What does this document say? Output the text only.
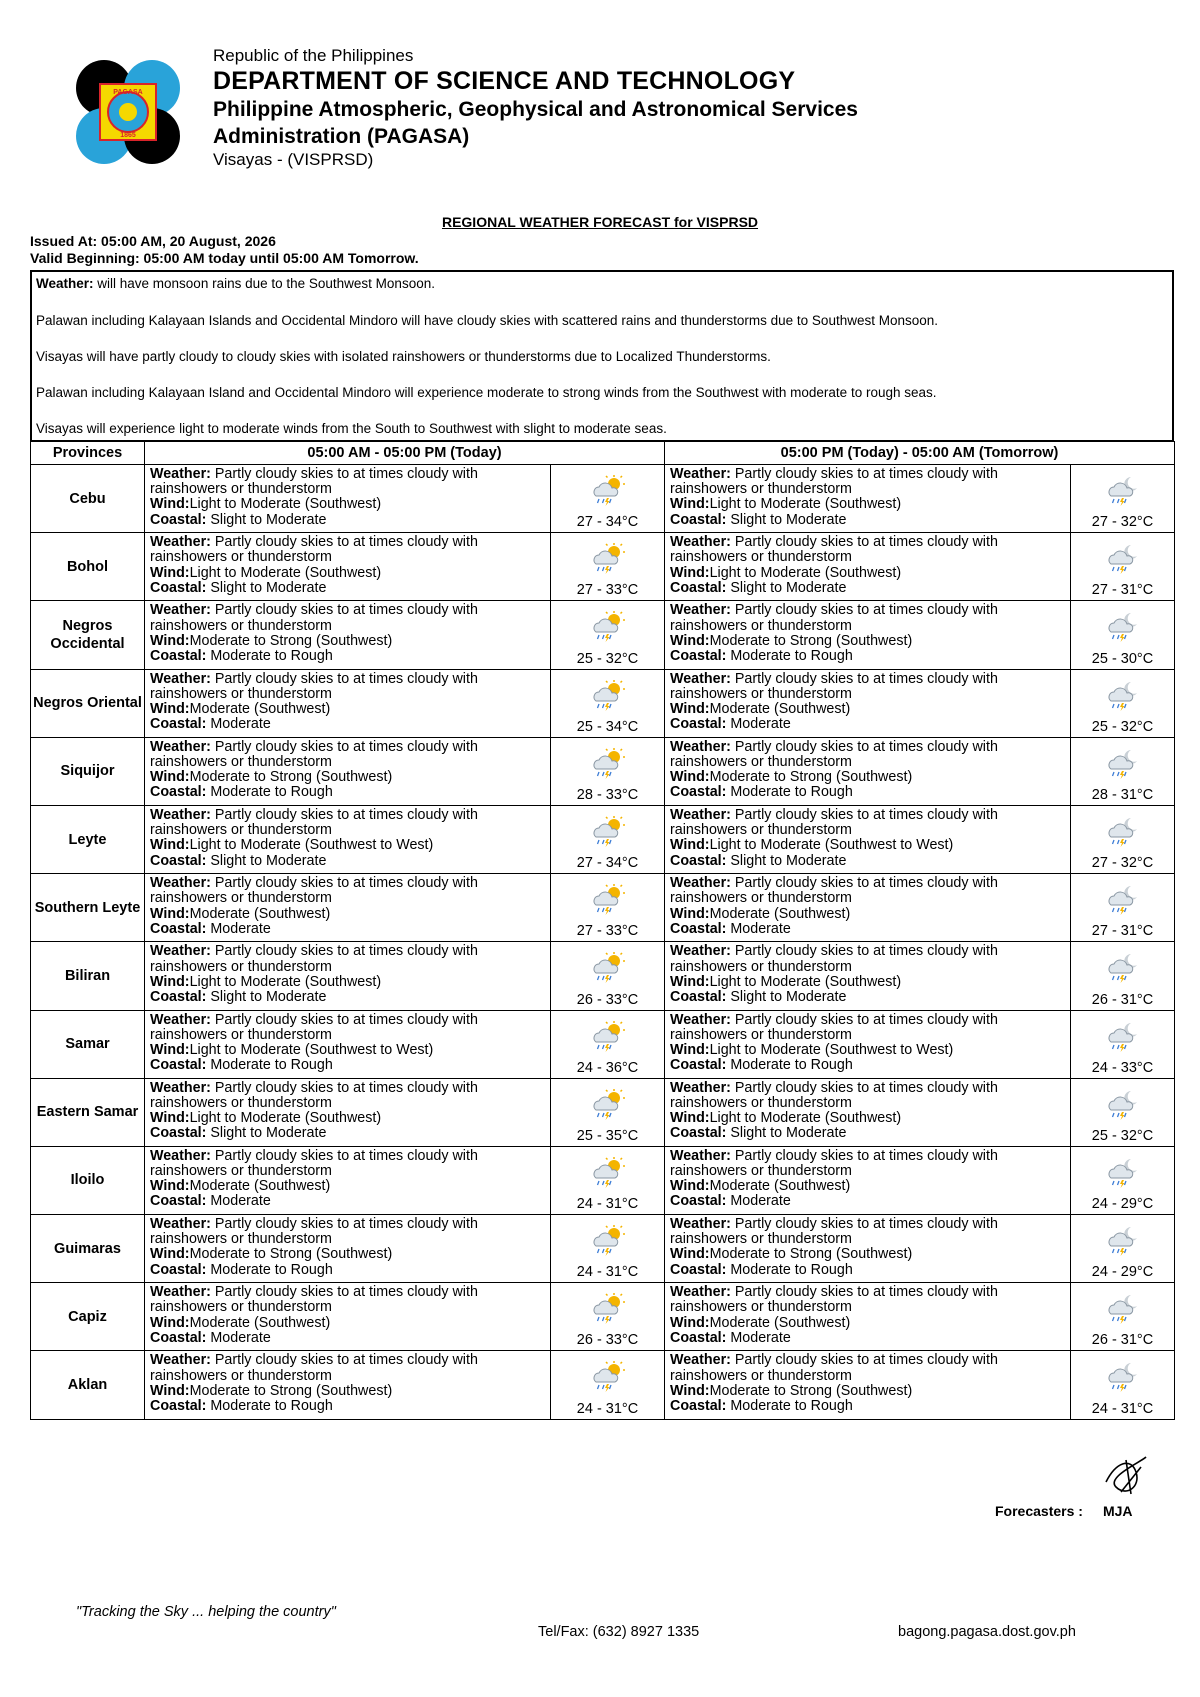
PAGASA
1865
Republic of the Philippines
DEPARTMENT OF SCIENCE AND TECHNOLOGY
Philippine Atmospheric, Geophysical and Astronomical Services
Administration (PAGASA)
Visayas - (VISPRSD)
REGIONAL WEATHER FORECAST for VISPRSD
Issued At: 05:00 AM, 20 August, 2026
Valid Beginning: 05:00 AM today until 05:00 AM Tomorrow.

Weather: will have monsoon rains due to the Southwest Monsoon.

Palawan including Kalayaan Islands and Occidental Mindoro will have cloudy skies with scattered rains and thunderstorms due to Southwest Monsoon.

Visayas will have partly cloudy to cloudy skies with isolated rainshowers or thunderstorms due to Localized Thunderstorms.

Palawan including Kalayaan Island and Occidental Mindoro will experience moderate to strong winds from the Southwest with moderate to rough seas.

Visayas will experience light to moderate winds from the South to Southwest with slight to moderate seas.

Provinces	05:00 AM - 05:00 PM (Today)		05:00 PM (Today) - 05:00 AM (Tomorrow)	
Cebu	Weather: Partly cloudy skies to at times cloudy with rainshowers or thunderstorm
Wind:Light to Moderate (Southwest)
Coastal: Slight to Moderate	27 - 34°C	Weather: Partly cloudy skies to at times cloudy with rainshowers or thunderstorm
Wind:Light to Moderate (Southwest)
Coastal: Slight to Moderate	27 - 32°C

Bohol	Weather: Partly cloudy skies to at times cloudy with rainshowers or thunderstorm
Wind:Light to Moderate (Southwest)
Coastal: Slight to Moderate	27 - 33°C	Weather: Partly cloudy skies to at times cloudy with rainshowers or thunderstorm
Wind:Light to Moderate (Southwest)
Coastal: Slight to Moderate	27 - 31°C

Negros Occidental	Weather: Partly cloudy skies to at times cloudy with rainshowers or thunderstorm
Wind:Moderate to Strong (Southwest)
Coastal: Moderate to Rough	25 - 32°C	Weather: Partly cloudy skies to at times cloudy with rainshowers or thunderstorm
Wind:Moderate to Strong (Southwest)
Coastal: Moderate to Rough	25 - 30°C

Negros Oriental	Weather: Partly cloudy skies to at times cloudy with rainshowers or thunderstorm
Wind:Moderate (Southwest)
Coastal: Moderate	25 - 34°C	Weather: Partly cloudy skies to at times cloudy with rainshowers or thunderstorm
Wind:Moderate (Southwest)
Coastal: Moderate	25 - 32°C

Siquijor	Weather: Partly cloudy skies to at times cloudy with rainshowers or thunderstorm
Wind:Moderate to Strong (Southwest)
Coastal: Moderate to Rough	28 - 33°C	Weather: Partly cloudy skies to at times cloudy with rainshowers or thunderstorm
Wind:Moderate to Strong (Southwest)
Coastal: Moderate to Rough	28 - 31°C

Leyte	Weather: Partly cloudy skies to at times cloudy with rainshowers or thunderstorm
Wind:Light to Moderate (Southwest to West)
Coastal: Slight to Moderate	27 - 34°C	Weather: Partly cloudy skies to at times cloudy with rainshowers or thunderstorm
Wind:Light to Moderate (Southwest to West)
Coastal: Slight to Moderate	27 - 32°C

Southern Leyte	Weather: Partly cloudy skies to at times cloudy with rainshowers or thunderstorm
Wind:Moderate (Southwest)
Coastal: Moderate	27 - 33°C	Weather: Partly cloudy skies to at times cloudy with rainshowers or thunderstorm
Wind:Moderate (Southwest)
Coastal: Moderate	27 - 31°C

Biliran	Weather: Partly cloudy skies to at times cloudy with rainshowers or thunderstorm
Wind:Light to Moderate (Southwest)
Coastal: Slight to Moderate	26 - 33°C	Weather: Partly cloudy skies to at times cloudy with rainshowers or thunderstorm
Wind:Light to Moderate (Southwest)
Coastal: Slight to Moderate	26 - 31°C

Samar	Weather: Partly cloudy skies to at times cloudy with rainshowers or thunderstorm
Wind:Light to Moderate (Southwest to West)
Coastal: Moderate to Rough	24 - 36°C	Weather: Partly cloudy skies to at times cloudy with rainshowers or thunderstorm
Wind:Light to Moderate (Southwest to West)
Coastal: Moderate to Rough	24 - 33°C

Eastern Samar	Weather: Partly cloudy skies to at times cloudy with rainshowers or thunderstorm
Wind:Light to Moderate (Southwest)
Coastal: Slight to Moderate	25 - 35°C	Weather: Partly cloudy skies to at times cloudy with rainshowers or thunderstorm
Wind:Light to Moderate (Southwest)
Coastal: Slight to Moderate	25 - 32°C

Iloilo	Weather: Partly cloudy skies to at times cloudy with rainshowers or thunderstorm
Wind:Moderate (Southwest)
Coastal: Moderate	24 - 31°C	Weather: Partly cloudy skies to at times cloudy with rainshowers or thunderstorm
Wind:Moderate (Southwest)
Coastal: Moderate	24 - 29°C

Guimaras	Weather: Partly cloudy skies to at times cloudy with rainshowers or thunderstorm
Wind:Moderate to Strong (Southwest)
Coastal: Moderate to Rough	24 - 31°C	Weather: Partly cloudy skies to at times cloudy with rainshowers or thunderstorm
Wind:Moderate to Strong (Southwest)
Coastal: Moderate to Rough	24 - 29°C

Capiz	Weather: Partly cloudy skies to at times cloudy with rainshowers or thunderstorm
Wind:Moderate (Southwest)
Coastal: Moderate	26 - 33°C	Weather: Partly cloudy skies to at times cloudy with rainshowers or thunderstorm
Wind:Moderate (Southwest)
Coastal: Moderate	26 - 31°C

Aklan	Weather: Partly cloudy skies to at times cloudy with rainshowers or thunderstorm
Wind:Moderate to Strong (Southwest)
Coastal: Moderate to Rough	24 - 31°C	Weather: Partly cloudy skies to at times cloudy with rainshowers or thunderstorm
Wind:Moderate to Strong (Southwest)
Coastal: Moderate to Rough	24 - 31°C
Forecasters : MJA
"Tracking the Sky ... helping the country"
Tel/Fax: (632) 8927 1335	bagong.pagasa.dost.gov.ph
